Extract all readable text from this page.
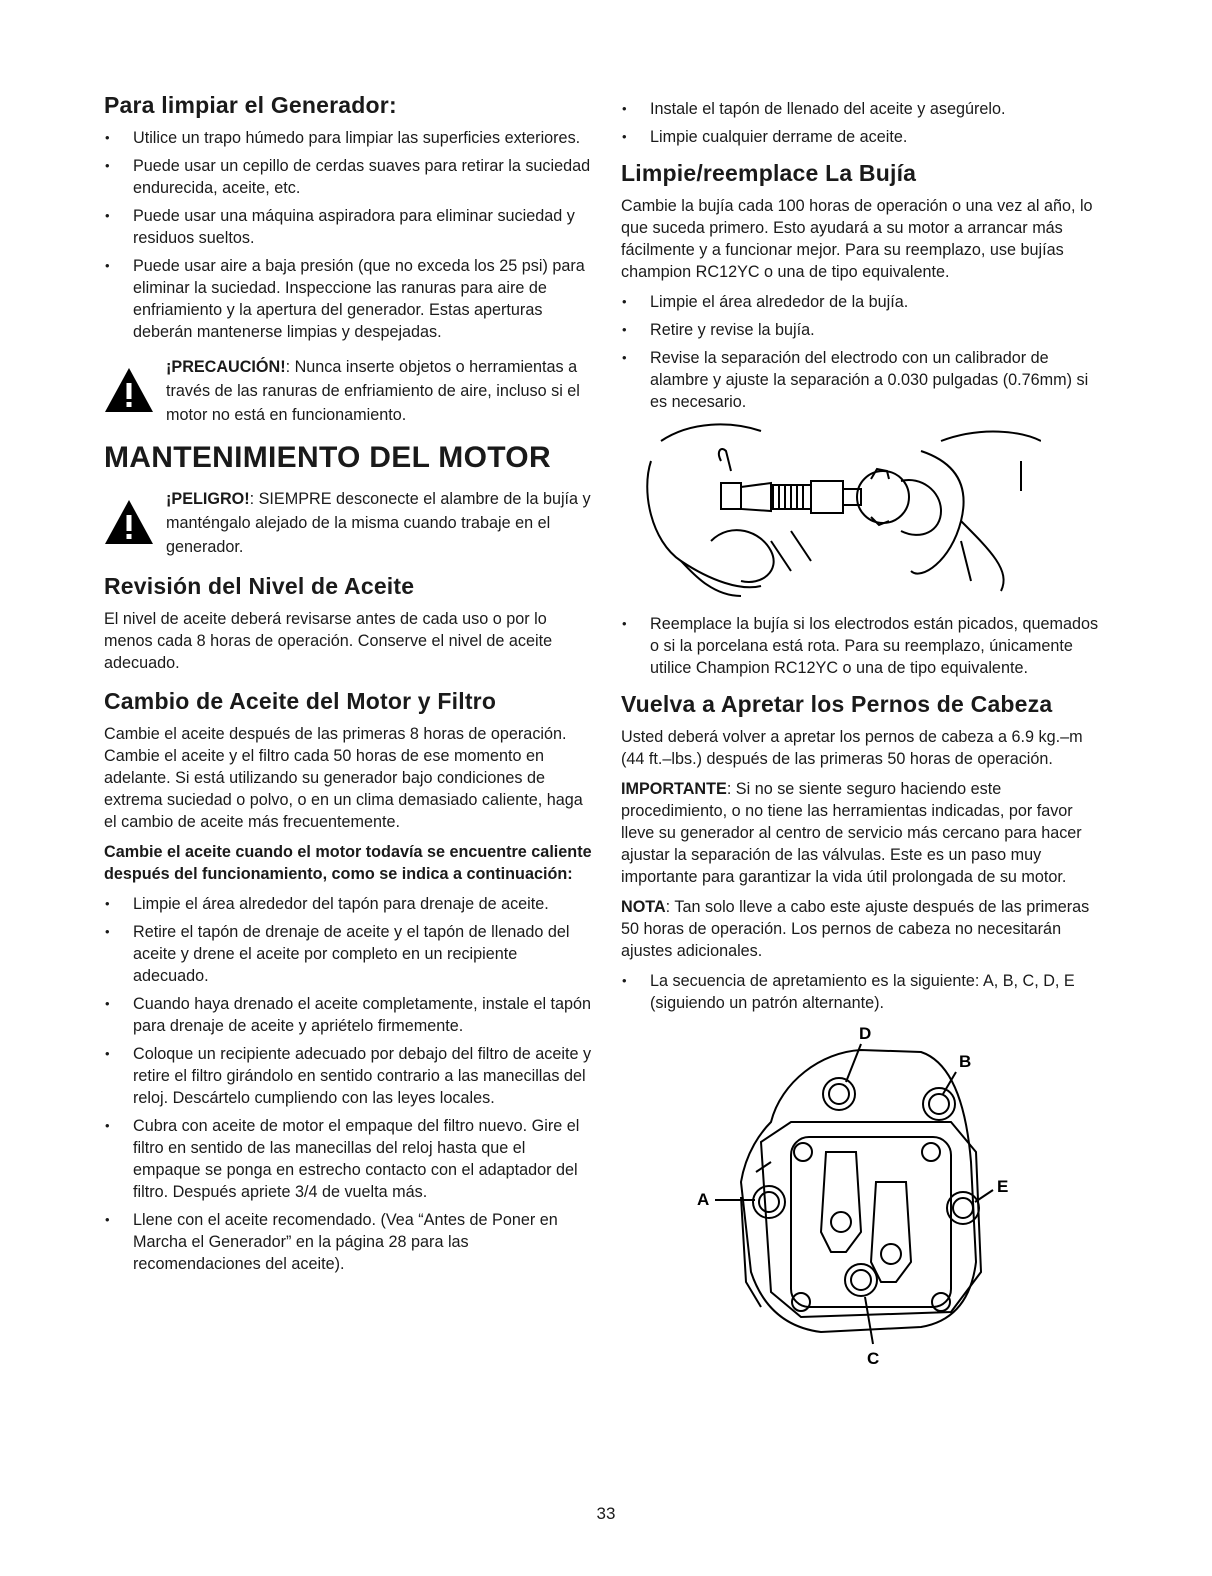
Para limpiar el Generador:
• Utilice un trapo húmedo para limpiar las superficies exteriores.
• Puede usar un cepillo de cerdas suaves para retirar la suciedad endurecida, aceite, etc.
• Puede usar una máquina aspiradora para eliminar suciedad y residuos sueltos.
• Puede usar aire a baja presión (que no exceda los 25 psi) para eliminar la suciedad. Inspeccione las ranuras para aire de enfriamiento y la apertura del generador. Estas aperturas deberán mantenerse limpias y despejadas.

¡PRECAUCIÓN!: Nunca inserte objetos o herramientas a través de las ranuras de enfriamiento de aire, incluso si el motor no está en funcionamiento.

MANTENIMIENTO DEL MOTOR

¡PELIGRO!: SIEMPRE desconecte el alambre de la bujía y manténgalo alejado de la misma cuando trabaje en el generador.

Revisión del Nivel de Aceite

El nivel de aceite deberá revisarse antes de cada uso o por lo menos cada 8 horas de operación. Conserve el nivel de aceite adecuado.

Cambio de Aceite del Motor y Filtro

Cambie el aceite después de las primeras 8 horas de operación. Cambie el aceite y el filtro cada 50 horas de ese momento en adelante. Si está utilizando su generador bajo condiciones de extrema suciedad o polvo, o en un clima demasiado caliente, haga el cambio de aceite más frecuentemente.

Cambie el aceite cuando el motor todavía se encuentre caliente después del funcionamiento, como se indica a continuación:

• Limpie el área alrededor del tapón para drenaje de aceite.
• Retire el tapón de drenaje de aceite y el tapón de llenado del aceite y drene el aceite por completo en un recipiente adecuado.
• Cuando haya drenado el aceite completamente, instale el tapón para drenaje de aceite y apriételo firmemente.
• Coloque un recipiente adecuado por debajo del filtro de aceite y retire el filtro girándolo en sentido contrario a las manecillas del reloj. Descártelo cumpliendo con las leyes locales.
• Cubra con aceite de motor el empaque del filtro nuevo. Gire el filtro en sentido de las manecillas del reloj hasta que el empaque se ponga en estrecho contacto con el adaptador del filtro. Después apriete 3/4 de vuelta más.
• Llene con el aceite recomendado. (Vea “Antes de Poner en Marcha el Generador” en la página 28 para las recomendaciones del aceite).
• Instale el tapón de llenado del aceite y asegúrelo.
• Limpie cualquier derrame de aceite.
Limpie/reemplace La Bujía

Cambie la bujía cada 100 horas de operación o una vez al año, lo que suceda primero. Esto ayudará a su motor a arrancar más fácilmente y a funcionar mejor. Para su reemplazo, use bujías champion RC12YC o una de tipo equivalente.

• Limpie el área alrededor de la bujía.
• Retire y revise la bujía.
• Revise la separación del electrodo con un calibrador de alambre y ajuste la separación a 0.030 pulgadas (0.76mm) si es necesario.
• Reemplace la bujía si los electrodos están picados, quemados o si la porcelana está rota. Para su reemplazo, únicamente utilice Champion RC12YC o una de tipo equivalente.
Vuelva a Apretar los Pernos de Cabeza

Usted deberá volver a apretar los pernos de cabeza a 6.9 kg.–m (44 ft.–lbs.) después de las primeras 50 horas de operación.

IMPORTANTE: Si no se siente seguro haciendo este procedimiento, o no tiene las herramientas indicadas, por favor lleve su generador al centro de servicio más cercano para hacer ajustar la separación de las válvulas. Este es un paso muy importante para garantizar la vida útil prolongada de su motor.

NOTA: Tan solo lleve a cabo este ajuste después de las primeras 50 horas de operación. Los pernos de cabeza no necesitarán ajustes adicionales.

• La secuencia de apretamiento es la siguiente: A, B, C, D, E (siguiendo un patrón alternante).
D
B
A
E
C
33
